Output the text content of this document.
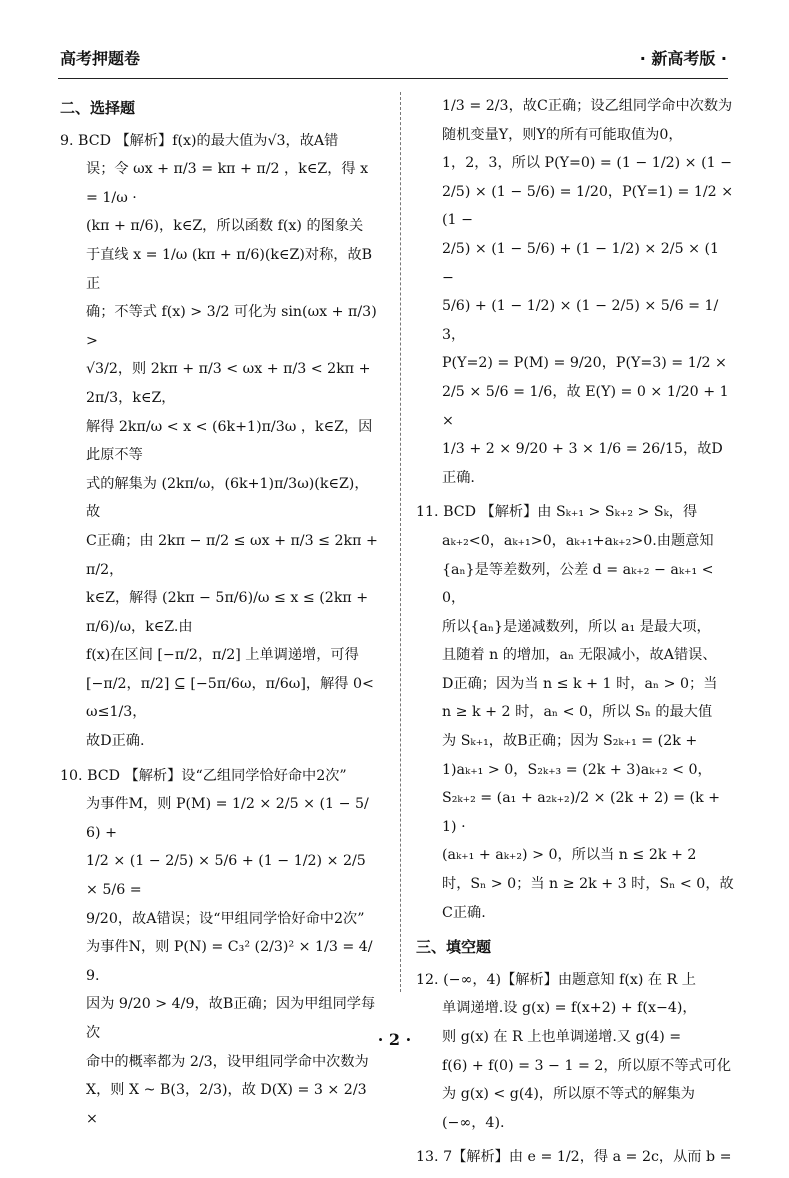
高考押题卷	· 新高考版 ·
二、选择题
9. BCD 【解析】f(x)的最大值为√3，故A错
误；令 ωx + π/3 = kπ + π/2 ，k∈Z，得 x = 1/ω ·
(kπ + π/6)，k∈Z，所以函数 f(x) 的图象关
于直线 x = 1/ω (kπ + π/6)(k∈Z)对称，故B正
确；不等式 f(x) > 3/2 可化为 sin(ωx + π/3) >
√3/2，则 2kπ + π/3 < ωx + π/3 < 2kπ + 2π/3，k∈Z，
解得 2kπ/ω < x < (6k+1)π/3ω ，k∈Z，因此原不等
式的解集为 (2kπ/ω，(6k+1)π/3ω)(k∈Z)，故
C正确；由 2kπ − π/2 ≤ ωx + π/3 ≤ 2kπ + π/2，
k∈Z，解得 (2kπ − 5π/6)/ω ≤ x ≤ (2kπ + π/6)/ω，k∈Z.由
f(x)在区间 [−π/2，π/2] 上单调递增，可得
[−π/2，π/2] ⊆ [−5π/6ω，π/6ω]，解得 0<ω≤1/3，
故D正确.
10. BCD 【解析】设“乙组同学恰好命中2次”
为事件M，则 P(M) = 1/2 × 2/5 × (1 − 5/6) +
1/2 × (1 − 2/5) × 5/6 + (1 − 1/2) × 2/5 × 5/6 =
9/20，故A错误；设“甲组同学恰好命中2次”
为事件N，则 P(N) = C₃² (2/3)² × 1/3 = 4/9.
因为 9/20 > 4/9，故B正确；因为甲组同学每次
命中的概率都为 2/3，设甲组同学命中次数为
X，则 X ~ B(3，2/3)，故 D(X) = 3 × 2/3 ×
1/3 = 2/3，故C正确；设乙组同学命中次数为
随机变量Y，则Y的所有可能取值为0，
1，2，3，所以 P(Y=0) = (1 − 1/2) × (1 −
2/5) × (1 − 5/6) = 1/20，P(Y=1) = 1/2 × (1 −
2/5) × (1 − 5/6) + (1 − 1/2) × 2/5 × (1 −
5/6) + (1 − 1/2) × (1 − 2/5) × 5/6 = 1/3，
P(Y=2) = P(M) = 9/20，P(Y=3) = 1/2 ×
2/5 × 5/6 = 1/6，故 E(Y) = 0 × 1/20 + 1 ×
1/3 + 2 × 9/20 + 3 × 1/6 = 26/15，故D正确.
11. BCD 【解析】由 Sₖ₊₁ > Sₖ₊₂ > Sₖ，得
aₖ₊₂<0，aₖ₊₁>0，aₖ₊₁+aₖ₊₂>0.由题意知
{aₙ}是等差数列，公差 d = aₖ₊₂ − aₖ₊₁ < 0，
所以{aₙ}是递减数列，所以 a₁ 是最大项，
且随着 n 的增加，aₙ 无限减小，故A错误、
D正确；因为当 n ≤ k + 1 时，aₙ > 0；当
n ≥ k + 2 时，aₙ < 0，所以 Sₙ 的最大值
为 Sₖ₊₁，故B正确；因为 S₂ₖ₊₁ = (2k +
1)aₖ₊₁ > 0，S₂ₖ₊₃ = (2k + 3)aₖ₊₂ < 0，
S₂ₖ₊₂ = (a₁ + a₂ₖ₊₂)/2 × (2k + 2) = (k + 1) ·
(aₖ₊₁ + aₖ₊₂) > 0，所以当 n ≤ 2k + 2
时，Sₙ > 0；当 n ≥ 2k + 3 时，Sₙ < 0，故
C正确.
三、填空题
12. (−∞，4)【解析】由题意知 f(x) 在 R 上
单调递增.设 g(x) = f(x+2) + f(x−4)，
则 g(x) 在 R 上也单调递增.又 g(4) =
f(6) + f(0) = 3 − 1 = 2，所以原不等式可化
为 g(x) < g(4)，所以原不等式的解集为
(−∞，4).
13. 7【解析】由 e = 1/2，得 a = 2c，从而 b =
· 2 ·
